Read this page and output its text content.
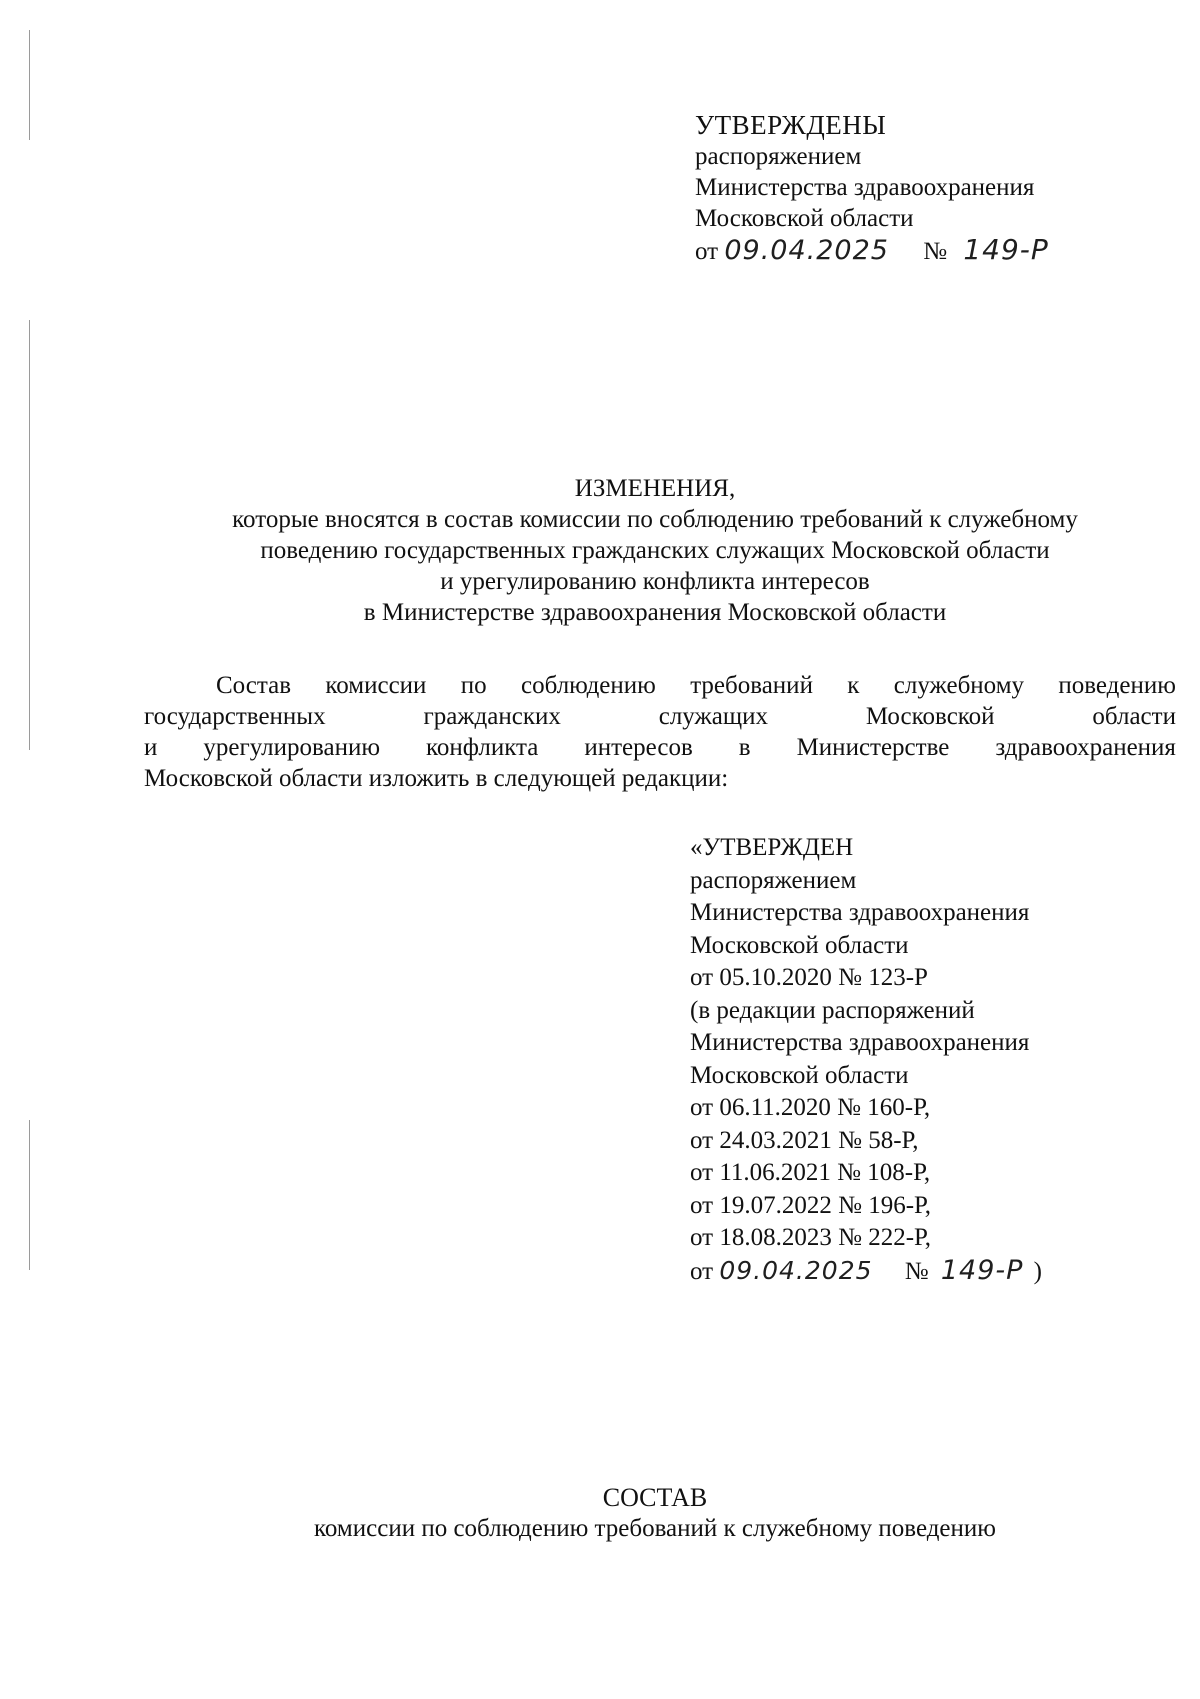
УТВЕРЖДЕНЫ
распоряжением
Министерства здравоохранения
Московской области
от 09.04.2025 № 149-Р
ИЗМЕНЕНИЯ,
которые вносятся в состав комиссии по соблюдению требований к служебному
поведению государственных гражданских служащих Московской области
и урегулированию конфликта интересов
в Министерстве здравоохранения Московской области
Состав комиссии по соблюдению требований к служебному поведению
государственных	гражданских	служащих	Московской	области
и урегулированию конфликта интересов в Министерстве здравоохранения
Московской области изложить в следующей редакции:
«УТВЕРЖДЕН
распоряжением
Министерства здравоохранения
Московской области
от 05.10.2020 № 123-Р
(в редакции распоряжений
Министерства здравоохранения
Московской области
от 06.11.2020 № 160-Р,
от 24.03.2021 № 58-Р,
от 11.06.2021 № 108-Р,
от 19.07.2022 № 196-Р,
от 18.08.2023 № 222-Р,
от 09.04.2025 № 149-Р )
СОСТАВ
комиссии по соблюдению требований к служебному поведению
